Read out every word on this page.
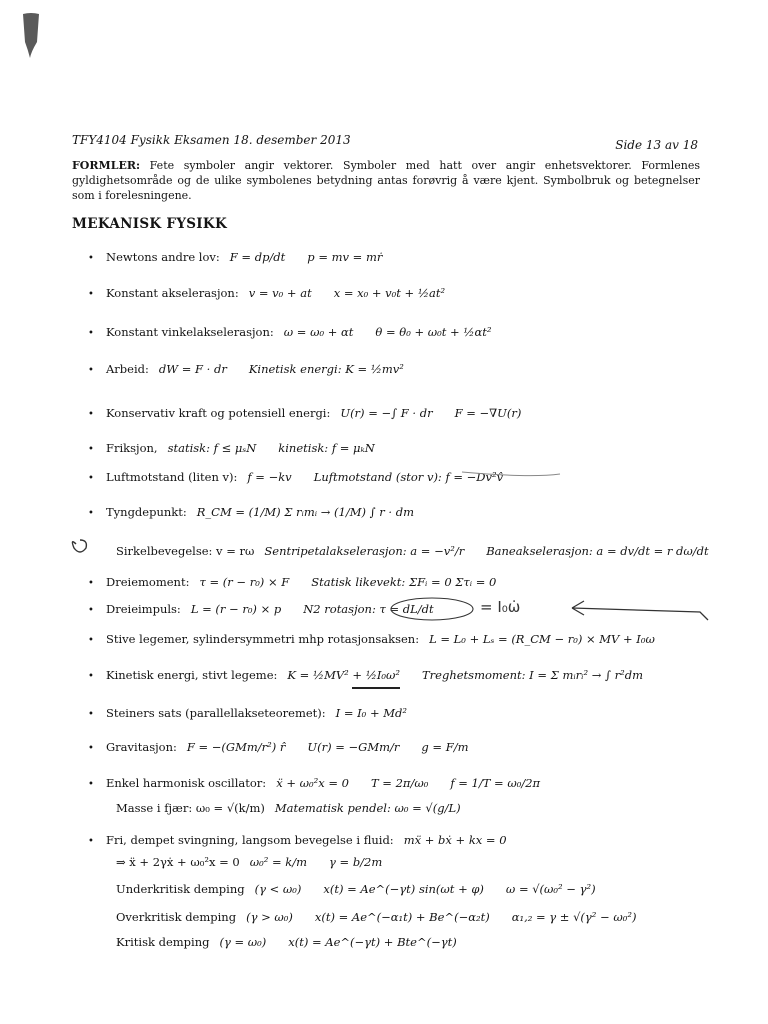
TFY4104 Fysikk Eksamen 18. desember 2013	Side 13 av 18
FORMLER: Fete symboler angir vektorer. Symboler med hatt over angir enhetsvektorer. Formlenes gyldighetsområde og de ulike symbolenes betydning antas forøvrig å være kjent. Symbolbruk og betegnelser som i forelesningene.
MEKANISK FYSIKK
• Newtons andre lov: F = dp/dt p = mv = mṙ
• Konstant akselerasjon: v = v₀ + at x = x₀ + v₀t + ½at²
• Konstant vinkelakselerasjon: ω = ω₀ + αt θ = θ₀ + ω₀t + ½αt²
• Arbeid: dW = F · dr Kinetisk energi: K = ½mv²
• Konservativ kraft og potensiell energi: U(r) = −∫ F · dr F = −∇U(r)
• Friksjon, statisk: f ≤ μₛN kinetisk: f = μₖN
• Luftmotstand (liten v): f = −kv Luftmotstand (stor v): f = −Dv²v̂
• Tyngdepunkt: R_CM = (1/M) Σ rᵢmᵢ → (1/M) ∫ r · dm
Sirkelbevegelse: v = rω Sentripetalakselerasjon: a = −v²/r Baneakselerasjon: a = dv/dt = r dω/dt
• Dreiemoment: τ = (r − r₀) × F Statisk likevekt: ΣFᵢ = 0 Στᵢ = 0
• Dreieimpuls: L = (r − r₀) × p N2 rotasjon: τ = dL/dt
• Stive legemer, sylindersymmetri mhp rotasjonsaksen: L = L₀ + Lₛ = (R_CM − r₀) × MV + I₀ω
• Kinetisk energi, stivt legeme: K = ½MV² + ½I₀ω² Treghetsmoment: I = Σ mᵢrᵢ² → ∫ r²dm
• Steiners sats (parallellakseteoremet): I = I₀ + Md²
• Gravitasjon: F = −(GMm/r²) r̂ U(r) = −GMm/r g = F/m
• Enkel harmonisk oscillator: ẍ + ω₀²x = 0 T = 2π/ω₀ f = 1/T = ω₀/2π
Masse i fjær: ω₀ = √(k/m) Matematisk pendel: ω₀ = √(g/L)
• Fri, dempet svingning, langsom bevegelse i fluid: mẍ + bẋ + kx = 0
⇒ ẍ + 2γẋ + ω₀²x = 0 ω₀² = k/m γ = b/2m
Underkritisk demping (γ < ω₀) x(t) = Ae^(−γt) sin(ωt + φ) ω = √(ω₀² − γ²)
Overkritisk demping (γ > ω₀) x(t) = Ae^(−α₁t) + Be^(−α₂t) α₁,₂ = γ ± √(γ² − ω₀²)
Kritisk demping (γ = ω₀) x(t) = Ae^(−γt) + Bte^(−γt)
= I₀ω̇
